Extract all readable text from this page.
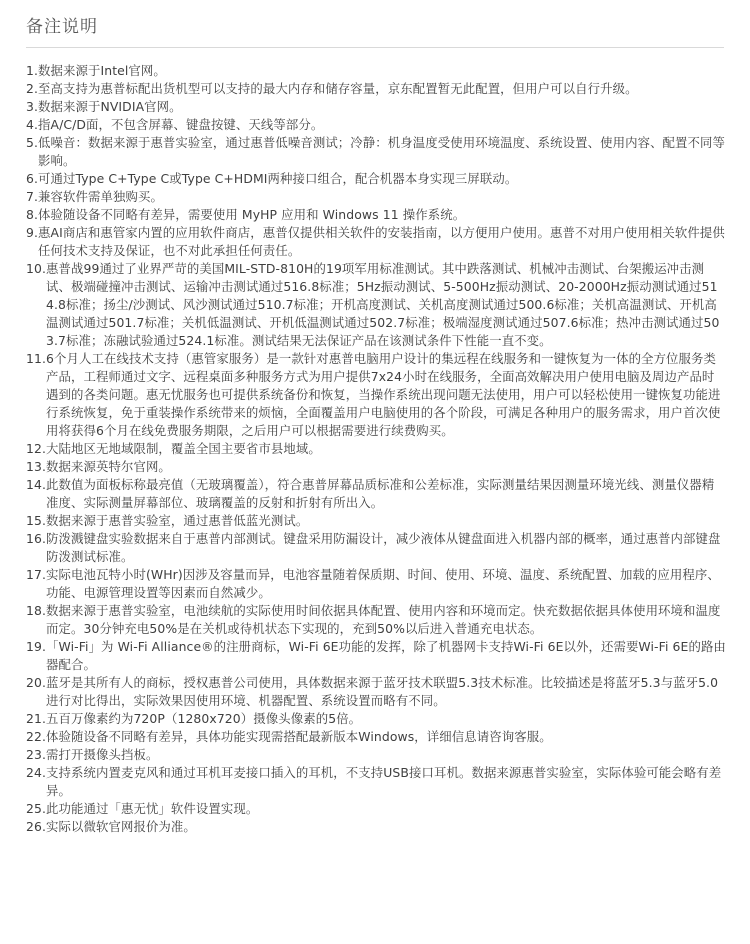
备注说明
1. 数据来源于Intel官网。
2. 至高支持为惠普标配出货机型可以支持的最大内存和储存容量，京东配置暂无此配置，但用户可以自行升级。
3. 数据来源于NVIDIA官网。
4. 指A/C/D面，不包含屏幕、键盘按键、天线等部分。
5. 低噪音：数据来源于惠普实验室，通过惠普低噪音测试；冷静：机身温度受使用环境温度、系统设置、使用内容、配置不同等影响。
6. 可通过Type C+Type C或Type C+HDMI两种接口组合，配合机器本身实现三屏联动。
7. 兼容软件需单独购买。
8. 体验随设备不同略有差异，需要使用 MyHP 应用和 Windows 11 操作系统。
9. 惠AI商店和惠管家内置的应用软件商店，惠普仅提供相关软件的安装指南，以方便用户使用。惠普不对用户使用相关软件提供任何技术支持及保证，也不对此承担任何责任。
10. 惠普战99通过了业界严苛的美国MIL-STD-810H的19项军用标准测试。其中跌落测试、机械冲击测试、台架搬运冲击测试、极端碰撞冲击测试、运输冲击测试通过516.8标准；5Hz振动测试、5-500Hz振动测试、20-2000Hz振动测试通过514.8标准；扬尘/沙测试、风沙测试通过510.7标准；开机高度测试、关机高度测试通过500.6标准；关机高温测试、开机高温测试通过501.7标准；关机低温测试、开机低温测试通过502.7标准；极端湿度测试通过507.6标准；热冲击测试通过503.7标准；冻融试验通过524.1标准。测试结果无法保证产品在该测试条件下性能一直不变。
11. 6个月人工在线技术支持（惠管家服务）是一款针对惠普电脑用户设计的集远程在线服务和一键恢复为一体的全方位服务类产品，工程师通过文字、远程桌面多种服务方式为用户提供7x24小时在线服务，全面高效解决用户使用电脑及周边产品时遇到的各类问题。惠无忧服务也可提供系统备份和恢复，当操作系统出现问题无法使用，用户可以轻松使用一键恢复功能进行系统恢复，免于重装操作系统带来的烦恼，全面覆盖用户电脑使用的各个阶段，可满足各种用户的服务需求，用户首次使用将获得6个月在线免费服务期限，之后用户可以根据需要进行续费购买。
12. 大陆地区无地域限制，覆盖全国主要省市县地域。
13. 数据来源英特尔官网。
14. 此数值为面板标称最亮值（无玻璃覆盖），符合惠普屏幕品质标准和公差标准，实际测量结果因测量环境光线、测量仪器精准度、实际测量屏幕部位、玻璃覆盖的反射和折射有所出入。
15. 数据来源于惠普实验室，通过惠普低蓝光测试。
16. 防泼溅键盘实验数据来自于惠普内部测试。键盘采用防漏设计，减少液体从键盘面进入机器内部的概率，通过惠普内部键盘防泼测试标准。
17. 实际电池瓦特小时(WHr)因涉及容量而异，电池容量随着保质期、时间、使用、环境、温度、系统配置、加载的应用程序、功能、电源管理设置等因素而自然减少。
18. 数据来源于惠普实验室，电池续航的实际使用时间依据具体配置、使用内容和环境而定。快充数据依据具体使用环境和温度而定。30分钟充电50%是在关机或待机状态下实现的，充到50%以后进入普通充电状态。
19. 「Wi-Fi」为 Wi-Fi Alliance®的注册商标，Wi-Fi 6E功能的发挥，除了机器网卡支持Wi-Fi 6E以外，还需要Wi-Fi 6E的路由器配合。
20. 蓝牙是其所有人的商标，授权惠普公司使用，具体数据来源于蓝牙技术联盟5.3技术标准。比较描述是将蓝牙5.3与蓝牙5.0进行对比得出，实际效果因使用环境、机器配置、系统设置而略有不同。
21. 五百万像素约为720P（1280x720）摄像头像素的5倍。
22. 体验随设备不同略有差异，具体功能实现需搭配最新版本Windows，详细信息请咨询客服。
23. 需打开摄像头挡板。
24. 支持系统内置麦克风和通过耳机耳麦接口插入的耳机，不支持USB接口耳机。数据来源惠普实验室，实际体验可能会略有差异。
25. 此功能通过「惠无忧」软件设置实现。
26. 实际以微软官网报价为准。
